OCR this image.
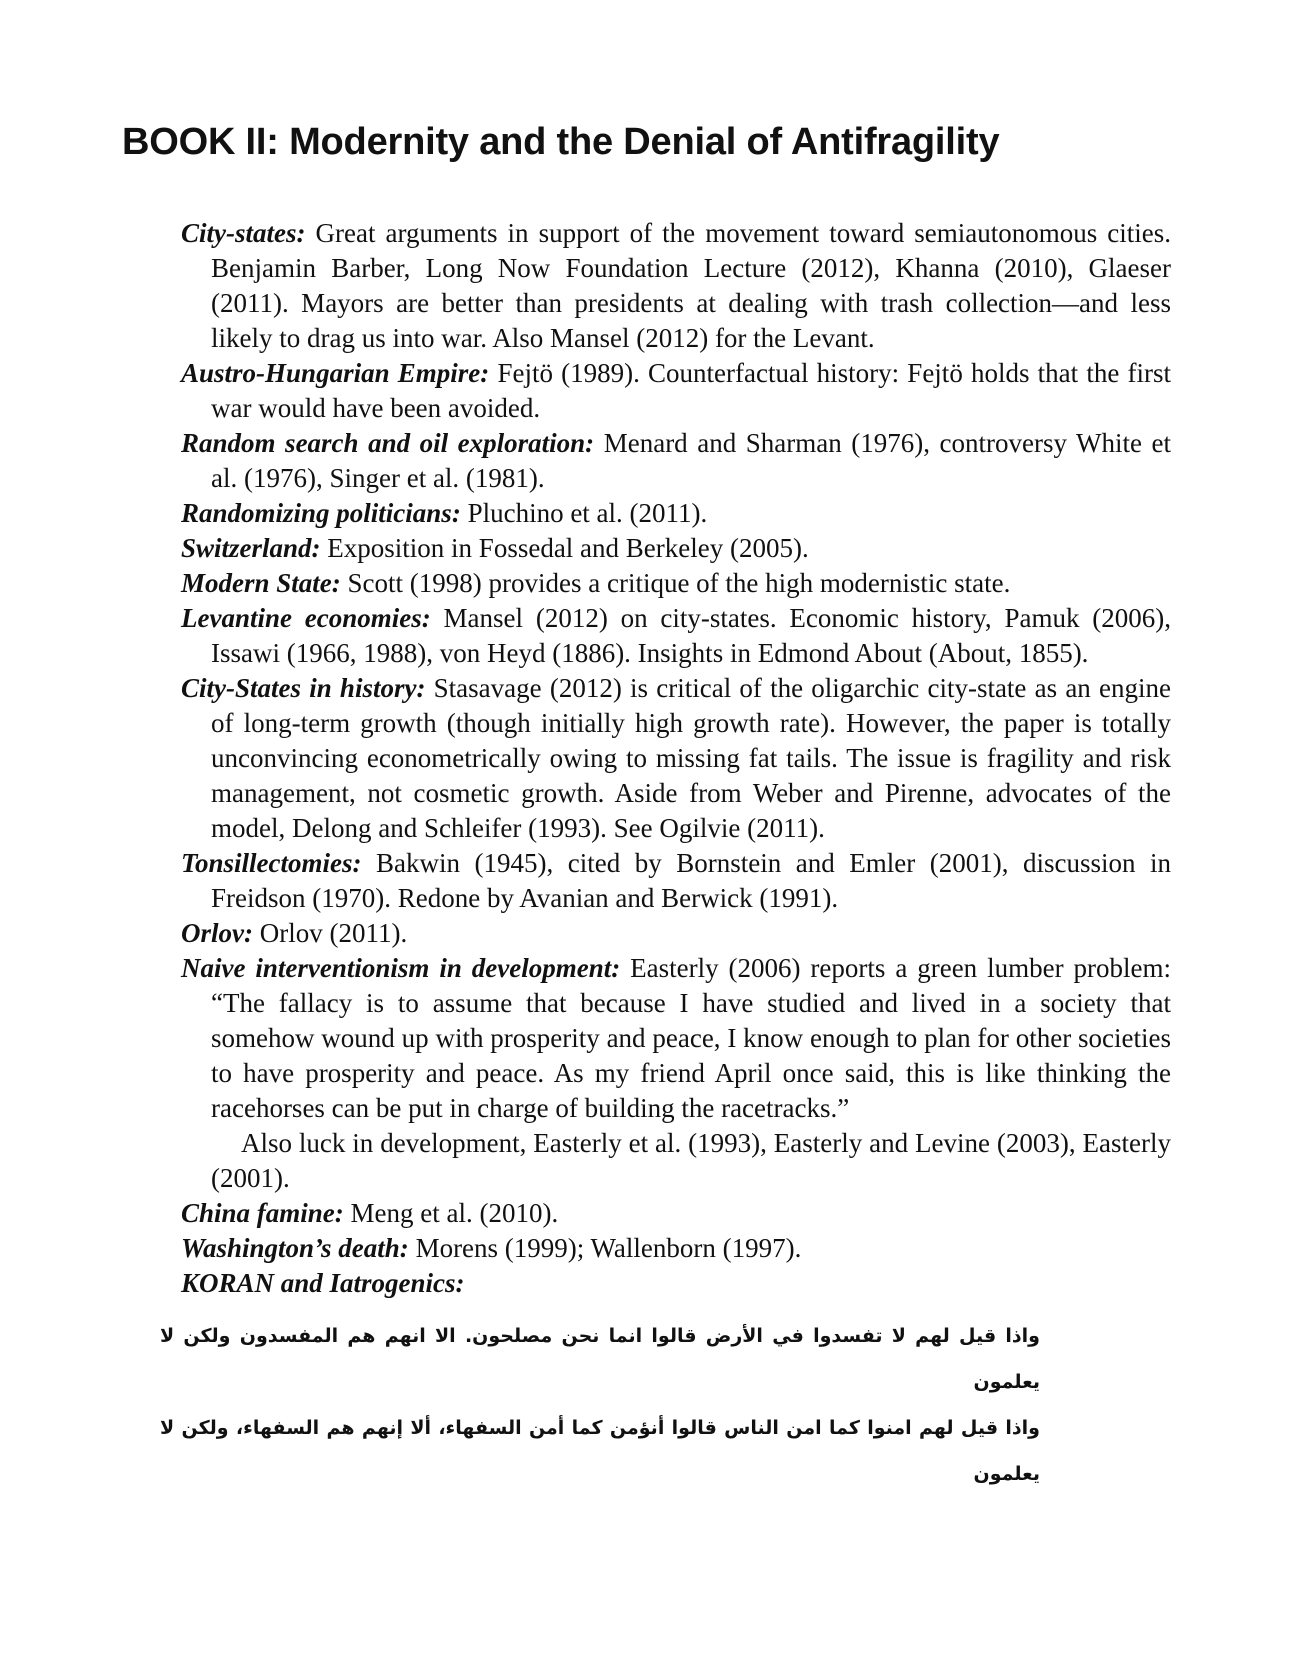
BOOK II: Modernity and the Denial of Antifragility

City-states: Great arguments in support of the movement toward semiautonomous cities. Benjamin Barber, Long Now Foundation Lecture (2012), Khanna (2010), Glaeser (2011). Mayors are better than presidents at dealing with trash collection—and less likely to drag us into war. Also Mansel (2012) for the Levant.

Austro-Hungarian Empire: Fejtö (1989). Counterfactual history: Fejtö holds that the first war would have been avoided.

Random search and oil exploration: Menard and Sharman (1976), controversy White et al. (1976), Singer et al. (1981).

Randomizing politicians: Pluchino et al. (2011).

Switzerland: Exposition in Fossedal and Berkeley (2005).

Modern State: Scott (1998) provides a critique of the high modernistic state.

Levantine economies: Mansel (2012) on city-states. Economic history, Pamuk (2006), Issawi (1966, 1988), von Heyd (1886). Insights in Edmond About (About, 1855).

City-States in history: Stasavage (2012) is critical of the oligarchic city-state as an engine of long-term growth (though initially high growth rate). However, the paper is totally unconvincing econometrically owing to missing fat tails. The issue is fragility and risk management, not cosmetic growth. Aside from Weber and Pirenne, advocates of the model, Delong and Schleifer (1993). See Ogilvie (2011).

Tonsillectomies: Bakwin (1945), cited by Bornstein and Emler (2001), discussion in Freidson (1970). Redone by Avanian and Berwick (1991).

Orlov: Orlov (2011).

Naive interventionism in development: Easterly (2006) reports a green lumber problem: “The fallacy is to assume that because I have studied and lived in a society that somehow wound up with prosperity and peace, I know enough to plan for other societies to have prosperity and peace. As my friend April once said, this is like thinking the racehorses can be put in charge of building the racetracks.”

Also luck in development, Easterly et al. (1993), Easterly and Levine (2003), Easterly (2001).

China famine: Meng et al. (2010).

Washington’s death: Morens (1999); Wallenborn (1997).

KORAN and Iatrogenics:

واذا قيل لهم لا تفسدوا في الأرض قالوا انما نحن مصلحون. الا انهم هم المفسدون ولكن لا يعلمون
واذا قيل لهم امنوا كما امن الناس قالوا أنؤمن كما أمن السفهاء، ألا إنهم هم السفهاء، ولكن لا يعلمون
